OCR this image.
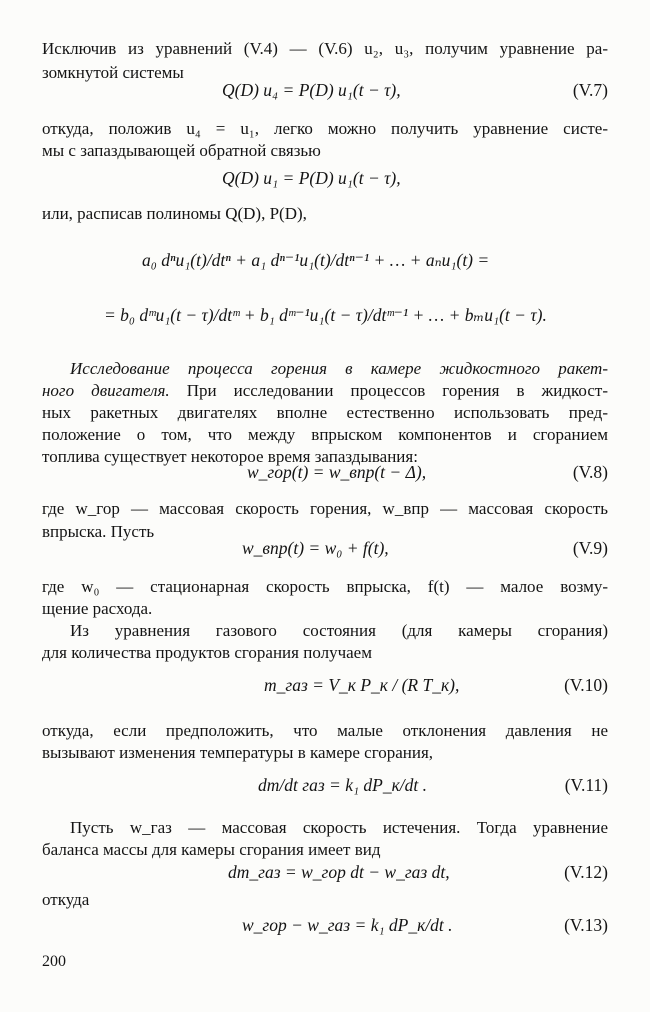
Исключив из уравнений (V.4) — (V.6) u₂, u₃, получим уравнение ра-
зомкнутой системы
Q(D) u₄ = P(D) u₁(t − τ),	(V.7)
откуда, положив u₄ = u₁, легко можно получить уравнение систе-
мы с запаздывающей обратной связью
Q(D) u₁ = P(D) u₁(t − τ),
или, расписав полиномы Q(D), P(D),
a₀ dⁿu₁(t)/dtⁿ + a₁ dⁿ⁻¹u₁(t)/dtⁿ⁻¹ + … + aₙu₁(t) =
= b₀ dᵐu₁(t − τ)/dtᵐ + b₁ dᵐ⁻¹u₁(t − τ)/dtᵐ⁻¹ + … + bₘu₁(t − τ).
Исследование процесса горения в камере жидкостного ракет-
ного двигателя. При исследовании процессов горения в жидкост-
ных ракетных двигателях вполне естественно использовать пред-
положение о том, что между впрыском компонентов и сгоранием
топлива существует некоторое время запаздывания:
w_гор(t) = w_впр(t − Δ),	(V.8)
где w_гор — массовая скорость горения, w_впр — массовая скорость
впрыска. Пусть
w_впр(t) = w₀ + f(t),	(V.9)
где w₀ — стационарная скорость впрыска, f(t) — малое возму-
щение расхода.
Из уравнения газового состояния (для камеры сгорания)
для количества продуктов сгорания получаем
m_газ = V_к P_к / (R T_к),	(V.10)
откуда, если предположить, что малые отклонения давления не
вызывают изменения температуры в камере сгорания,
dm/dt газ = k₁ dP_к/dt .	(V.11)
Пусть w_газ — массовая скорость истечения. Тогда уравнение
баланса массы для камеры сгорания имеет вид
dm_газ = w_гор dt − w_газ dt,	(V.12)
откуда
w_гор − w_газ = k₁ dP_к/dt .	(V.13)
200
